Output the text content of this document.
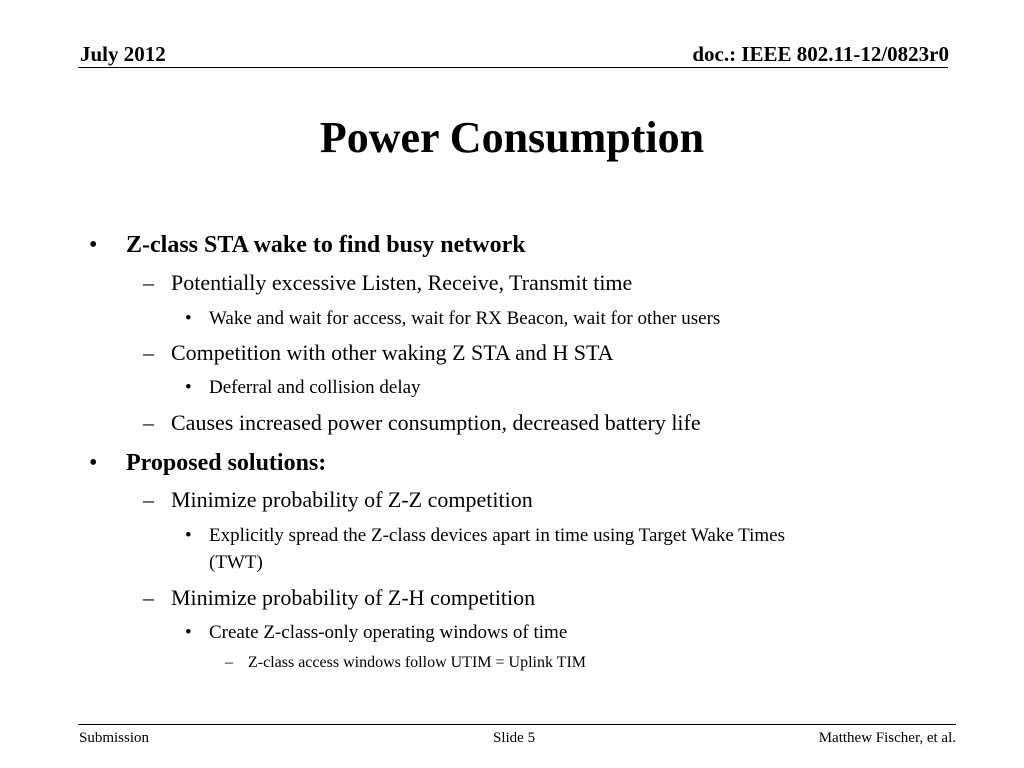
July 2012	doc.: IEEE 802.11-12/0823r0
Power Consumption
• Z-class STA wake to find busy network
– Potentially excessive Listen, Receive, Transmit time
• Wake and wait for access, wait for RX Beacon, wait for other users
– Competition with other waking Z STA and H STA
• Deferral and collision delay
– Causes increased power consumption, decreased battery life
• Proposed solutions:
– Minimize probability of Z-Z competition
• Explicitly spread the Z-class devices apart in time using Target Wake Times
(TWT)
– Minimize probability of Z-H competition
• Create Z-class-only operating windows of time
– Z-class access windows follow UTIM = Uplink TIM
Submission	Slide 5	Matthew Fischer, et al.
